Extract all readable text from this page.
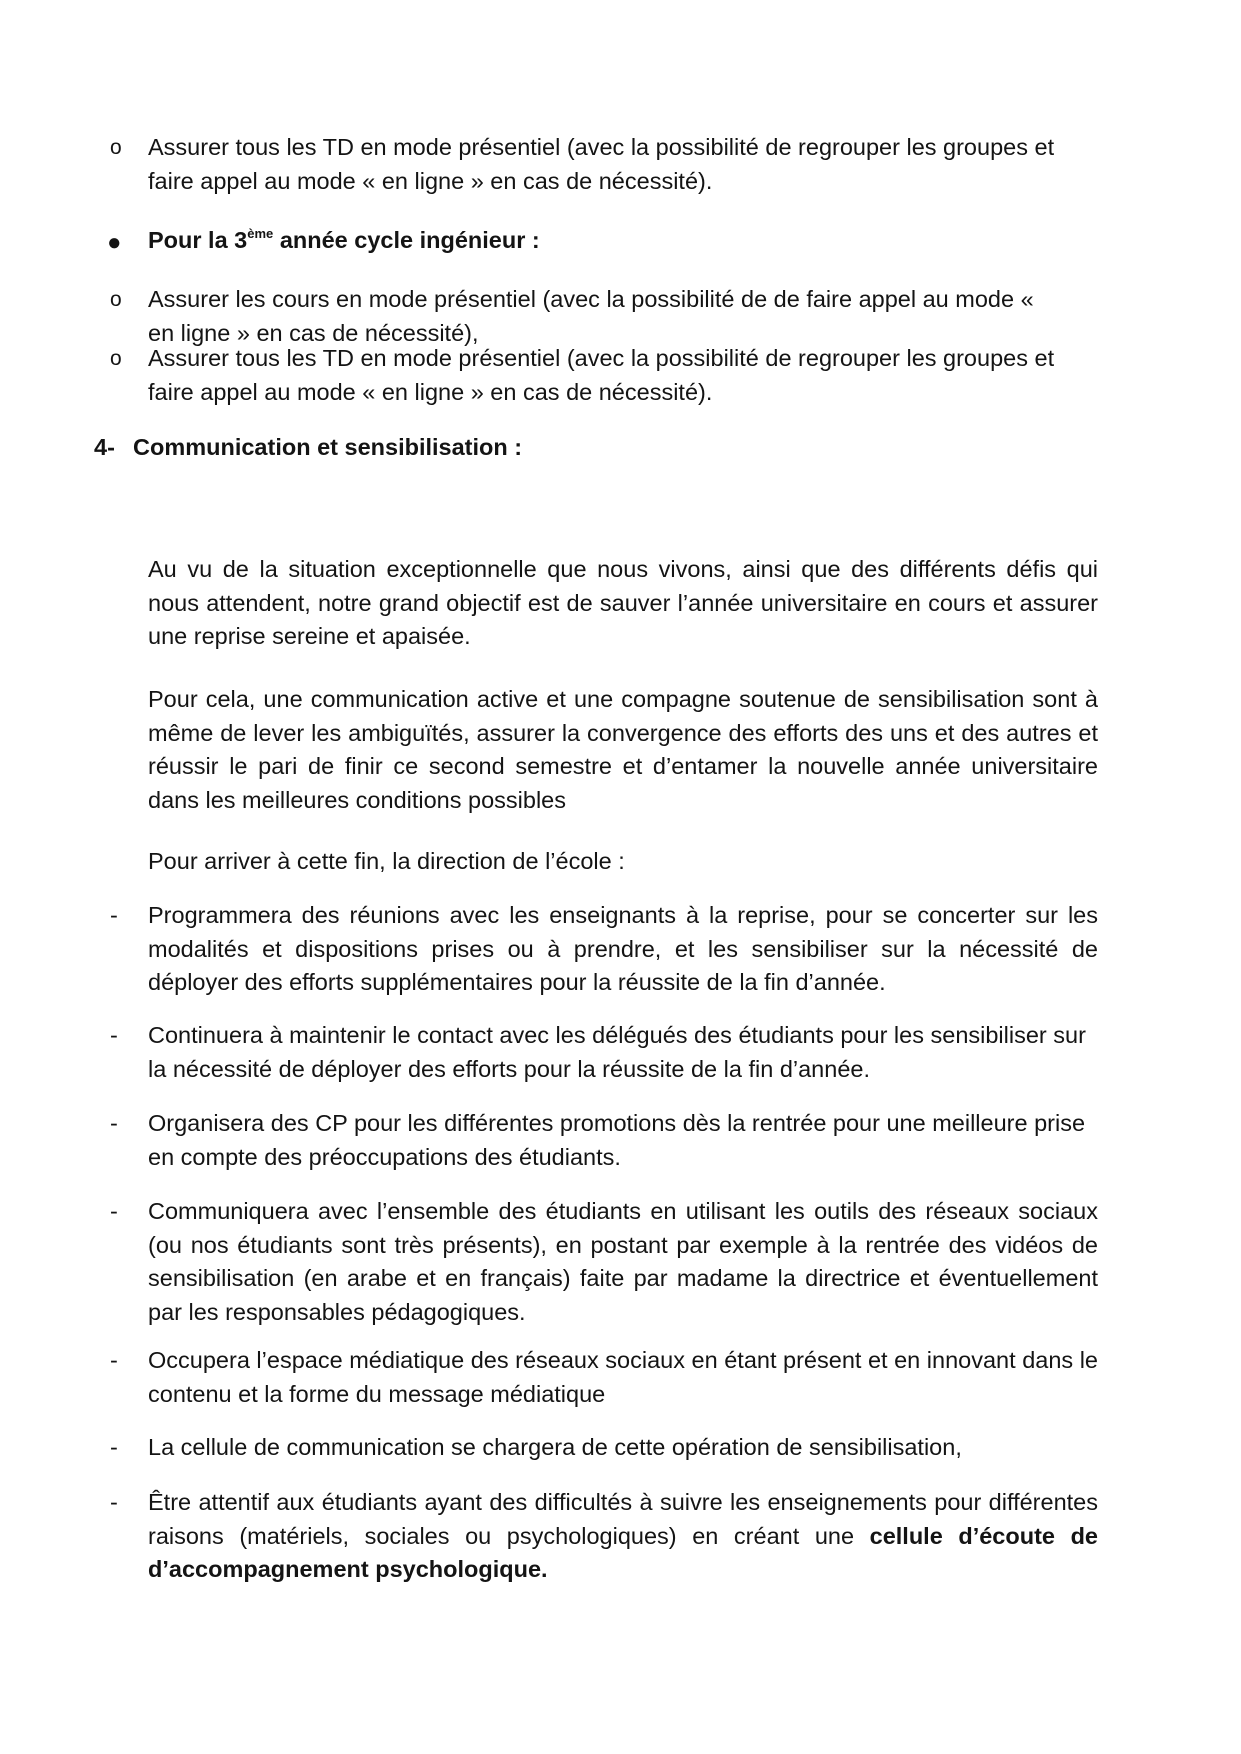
o Assurer tous les TD en mode présentiel (avec la possibilité de regrouper les groupes et faire appel au mode « en ligne » en cas de nécessité).
● Pour la 3ème année cycle ingénieur :
o Assurer les cours en mode présentiel (avec la possibilité de de faire appel au mode « en ligne » en cas de nécessité),
o Assurer tous les TD en mode présentiel (avec la possibilité de regrouper les groupes et faire appel au mode « en ligne » en cas de nécessité).
4- Communication et sensibilisation :

Au vu de la situation exceptionnelle que nous vivons, ainsi que des différents défis qui nous attendent, notre grand objectif est de sauver l’année universitaire en cours et assurer une reprise sereine et apaisée.

Pour cela, une communication active et une compagne soutenue de sensibilisation sont à même de lever les ambiguïtés, assurer la convergence des efforts des uns et des autres et réussir le pari de finir ce second semestre et d’entamer la nouvelle année universitaire dans les meilleures conditions possibles

Pour arriver à cette fin, la direction de l’école :
- Programmera des réunions avec les enseignants à la reprise, pour se concerter sur les modalités et dispositions prises ou à prendre, et les sensibiliser sur la nécessité de déployer des efforts supplémentaires pour la réussite de la fin d’année.
- Continuera à maintenir le contact avec les délégués des étudiants pour les sensibiliser sur la nécessité de déployer des efforts pour la réussite de la fin d’année.
- Organisera des CP pour les différentes promotions dès la rentrée pour une meilleure prise en compte des préoccupations des étudiants.
- Communiquera avec l’ensemble des étudiants en utilisant les outils des réseaux sociaux (ou nos étudiants sont très présents), en postant par exemple à la rentrée des vidéos de sensibilisation (en arabe et en français) faite par madame la directrice et éventuellement par les responsables pédagogiques.
- Occupera l’espace médiatique des réseaux sociaux en étant présent et en innovant dans le contenu et la forme du message médiatique
- La cellule de communication se chargera de cette opération de sensibilisation,
- Être attentif aux étudiants ayant des difficultés à suivre les enseignements pour différentes raisons (matériels, sociales ou psychologiques) en créant une cellule d’écoute de d’accompagnement psychologique.
